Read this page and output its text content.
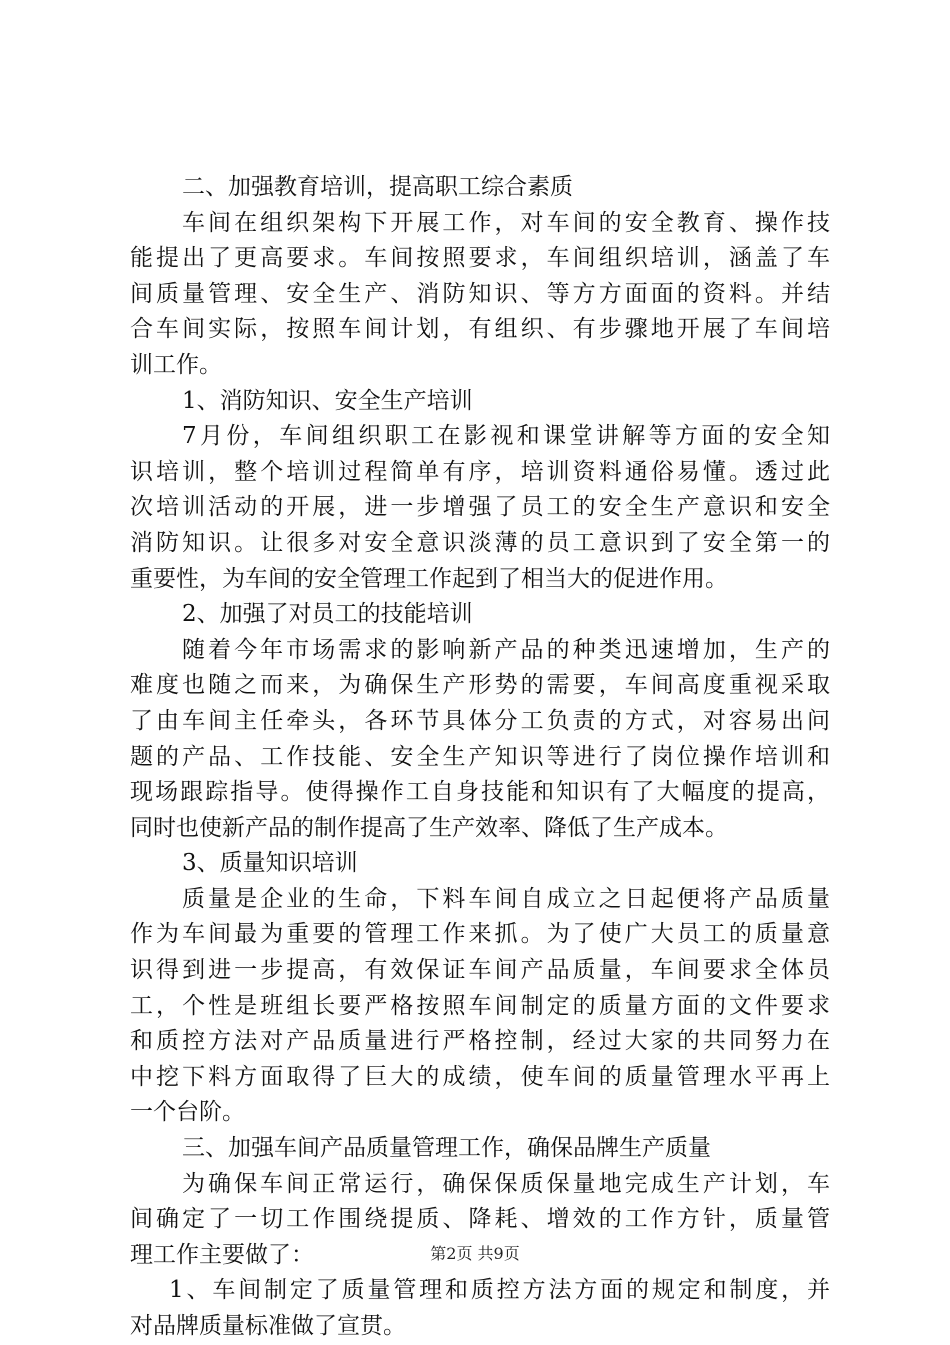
二、加强教育培训，提高职工综合素质
车间在组织架构下开展工作，对车间的安全教育、操作技
能提出了更高要求。车间按照要求，车间组织培训，涵盖了车
间质量管理、安全生产、消防知识、等方方面面的资料。并结
合车间实际，按照车间计划，有组织、有步骤地开展了车间培
训工作。
1、消防知识、安全生产培训
7月份，车间组织职工在影视和课堂讲解等方面的安全知
识培训，整个培训过程简单有序，培训资料通俗易懂。透过此
次培训活动的开展，进一步增强了员工的安全生产意识和安全
消防知识。让很多对安全意识淡薄的员工意识到了安全第一的
重要性，为车间的安全管理工作起到了相当大的促进作用。
2、加强了对员工的技能培训
随着今年市场需求的影响新产品的种类迅速增加，生产的
难度也随之而来，为确保生产形势的需要，车间高度重视采取
了由车间主任牵头，各环节具体分工负责的方式，对容易出问
题的产品、工作技能、安全生产知识等进行了岗位操作培训和
现场跟踪指导。使得操作工自身技能和知识有了大幅度的提高，
同时也使新产品的制作提高了生产效率、降低了生产成本。
3、质量知识培训
质量是企业的生命，下料车间自成立之日起便将产品质量
作为车间最为重要的管理工作来抓。为了使广大员工的质量意
识得到进一步提高，有效保证车间产品质量，车间要求全体员
工，个性是班组长要严格按照车间制定的质量方面的文件要求
和质控方法对产品质量进行严格控制，经过大家的共同努力在
中挖下料方面取得了巨大的成绩，使车间的质量管理水平再上
一个台阶。
三、加强车间产品质量管理工作，确保品牌生产质量
为确保车间正常运行，确保保质保量地完成生产计划，车
间确定了一切工作围绕提质、降耗、增效的工作方针，质量管
理工作主要做了：
1、车间制定了质量管理和质控方法方面的规定和制度，并
对品牌质量标准做了宣贯。
第2页 共9页
